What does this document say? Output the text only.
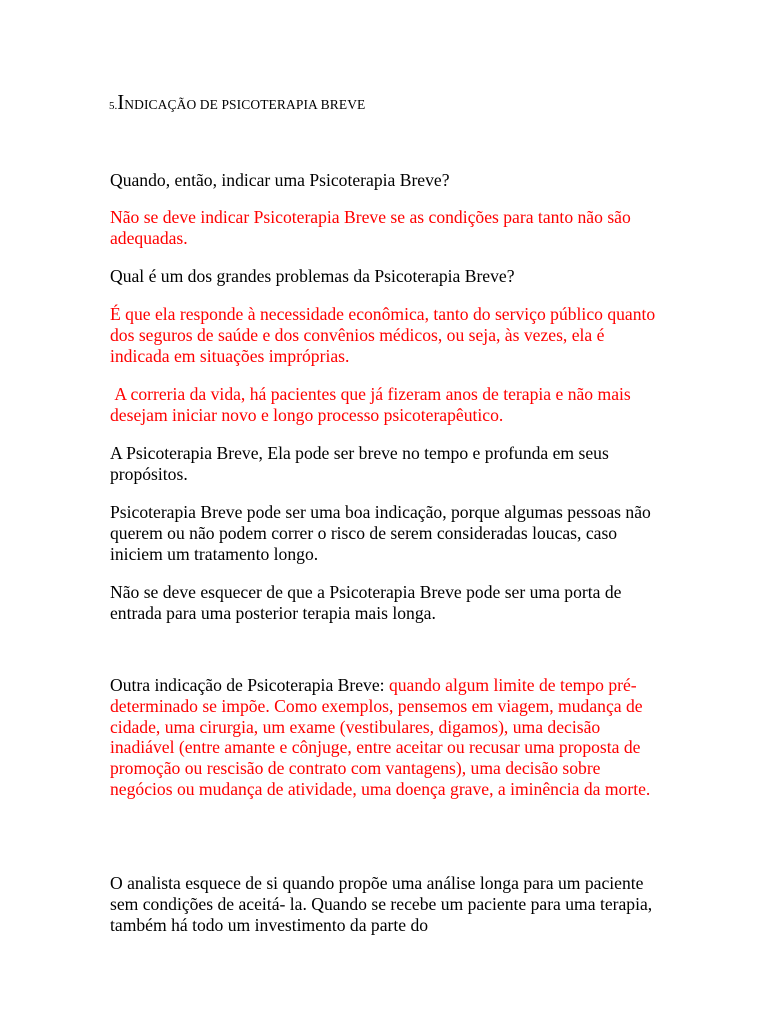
5.INDICAÇÃO DE PSICOTERAPIA BREVE

Quando, então, indicar uma Psicoterapia Breve?

Não se deve indicar Psicoterapia Breve se as condições para tanto não são adequadas.

Qual é um dos grandes problemas da Psicoterapia Breve?

É que ela responde à necessidade econômica, tanto do serviço público quanto dos seguros de saúde e dos convênios médicos, ou seja, às vezes, ela é indicada em situações impróprias.

A correria da vida, há pacientes que já fizeram anos de terapia e não mais desejam iniciar novo e longo processo psicoterapêutico.

A Psicoterapia Breve, Ela pode ser breve no tempo e profunda em seus propósitos.

Psicoterapia Breve pode ser uma boa indicação, porque algumas pessoas não querem ou não podem correr o risco de serem consideradas loucas, caso iniciem um tratamento longo.

Não se deve esquecer de que a Psicoterapia Breve pode ser uma porta de entrada para uma posterior terapia mais longa.

Outra indicação de Psicoterapia Breve: quando algum limite de tempo pré- determinado se impõe. Como exemplos, pensemos em viagem, mudança de cidade, uma cirurgia, um exame (vestibulares, digamos), uma decisão inadiável (entre amante e cônjuge, entre aceitar ou recusar uma proposta de promoção ou rescisão de contrato com vantagens), uma decisão sobre negócios ou mudança de atividade, uma doença grave, a iminência da morte.

O analista esquece de si quando propõe uma análise longa para um paciente sem condições de aceitá- la. Quando se recebe um paciente para uma terapia, também há todo um investimento da parte do
